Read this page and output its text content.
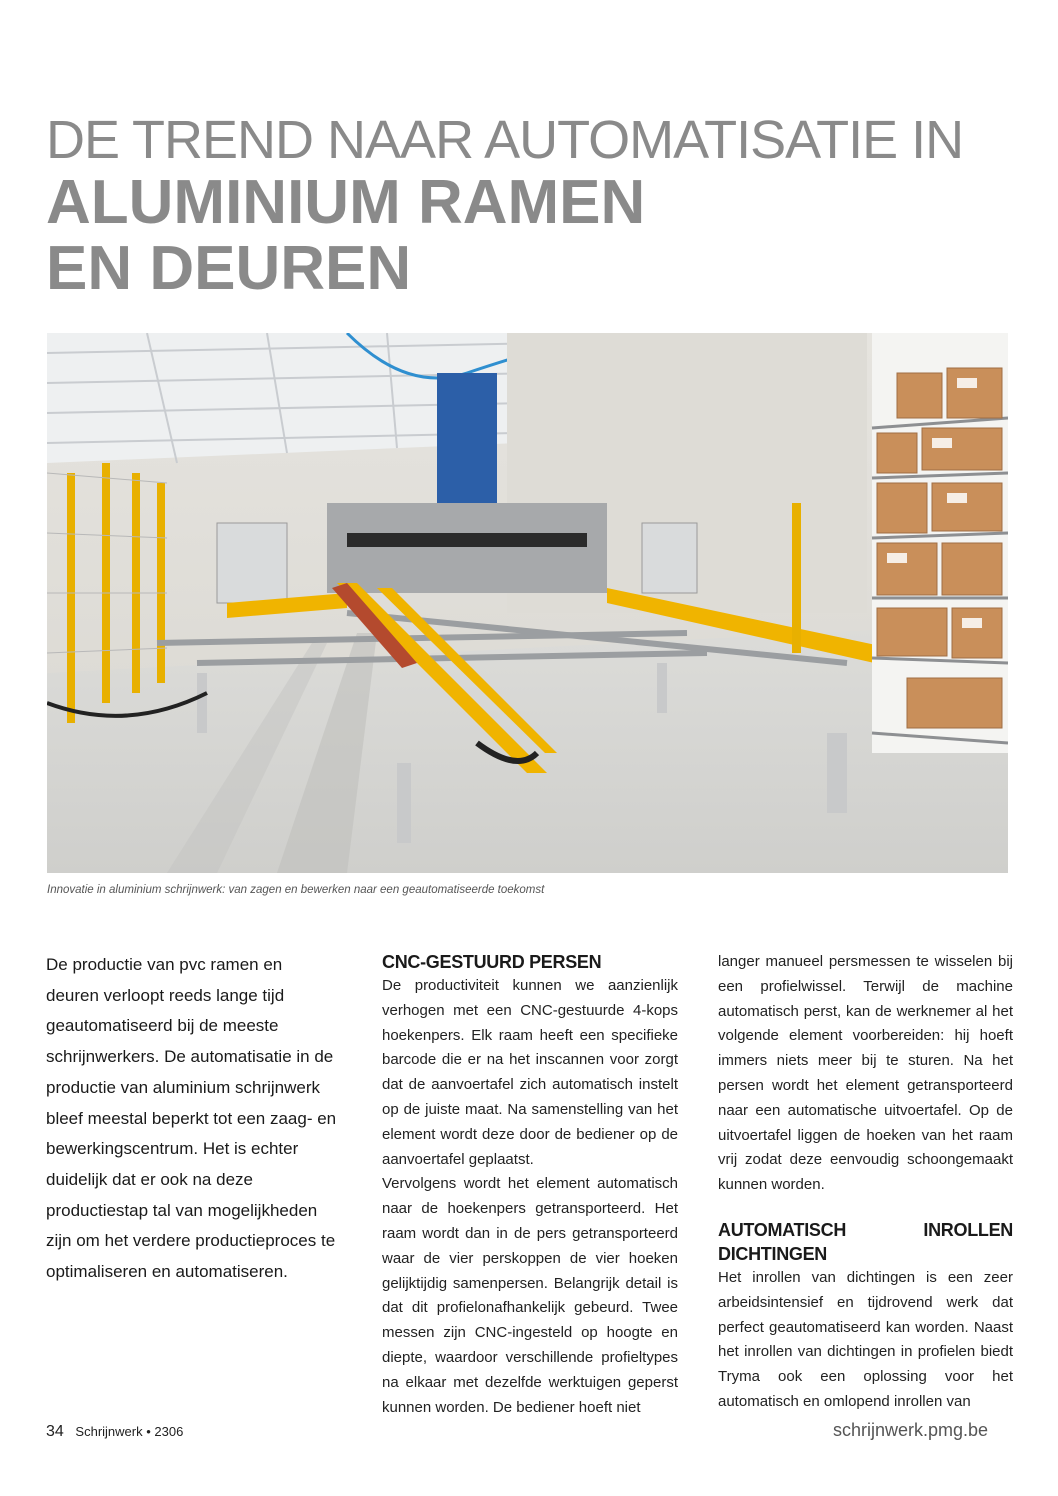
DE TREND NAAR AUTOMATISATIE IN
ALUMINIUM RAMEN
EN DEUREN
Innovatie in aluminium schrijnwerk: van zagen en bewerken naar een geautomatiseerde toekomst

De productie van pvc ramen en deuren verloopt reeds lange tijd geautomatiseerd bij de meeste schrijnwerkers. De automatisatie in de productie van aluminium schrijnwerk bleef meestal beperkt tot een zaag- en bewerkingscentrum. Het is echter duidelijk dat er ook na deze productiestap tal van mogelijkheden zijn om het verdere productieproces te optimaliseren en automatiseren.

CNC-GESTUURD PERSEN

De productiviteit kunnen we aanzienlijk verhogen met een CNC-gestuurde 4-kops hoekenpers. Elk raam heeft een specifieke barcode die er na het inscannen voor zorgt dat de aanvoertafel zich automatisch instelt op de juiste maat. Na samenstelling van het element wordt deze door de bediener op de aanvoertafel geplaatst.

Vervolgens wordt het element automatisch naar de hoekenpers getransporteerd. Het raam wordt dan in de pers getransporteerd waar de vier perskoppen de vier hoeken gelijktijdig samenpersen. Belangrijk detail is dat dit profielonafhankelijk gebeurd. Twee messen zijn CNC-ingesteld op hoogte en diepte, waardoor verschillende profieltypes na elkaar met dezelfde werktuigen geperst kunnen worden. De bediener hoeft niet

langer manueel persmessen te wisselen bij een profielwissel. Terwijl de machine automatisch perst, kan de werknemer al het volgende element voorbereiden: hij hoeft immers niets meer bij te sturen. Na het persen wordt het element getransporteerd naar een automatische uitvoertafel. Op de uitvoertafel liggen de hoeken van het raam vrij zodat deze eenvoudig schoongemaakt kunnen worden.

AUTOMATISCH INROLLEN DICHTINGEN

Het inrollen van dichtingen is een zeer arbeidsintensief en tijdrovend werk dat perfect geautomatiseerd kan worden. Naast het inrollen van dichtingen in profielen biedt Tryma ook een oplossing voor het automatisch en omlopend inrollen van

34 Schrijnwerk • 2306	schrijnwerk.pmg.be
